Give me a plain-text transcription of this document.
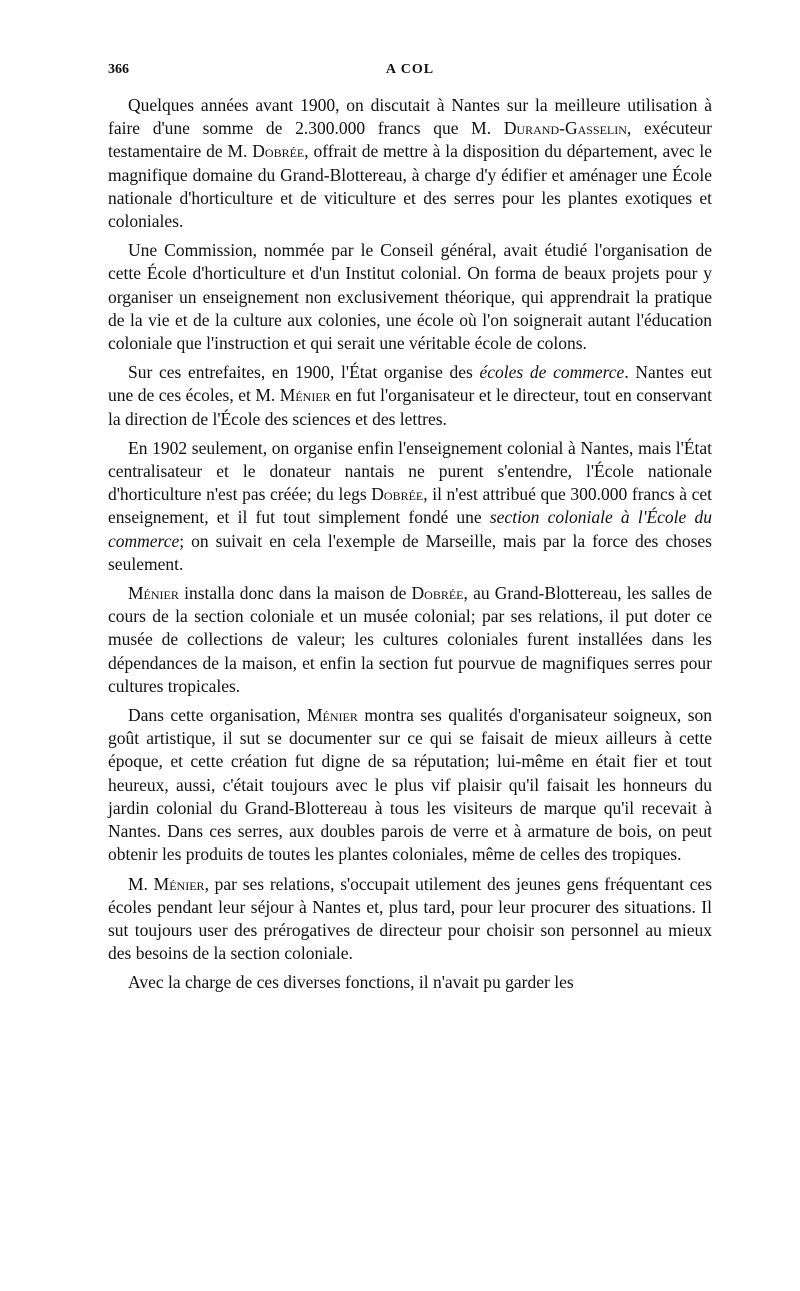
366	A COL

Quelques années avant 1900, on discutait à Nantes sur la meilleure utilisation à faire d'une somme de 2.300.000 francs que M. Durand-Gasselin, exécuteur testamentaire de M. Dobrée, offrait de mettre à la disposition du département, avec le magnifique domaine du Grand-Blottereau, à charge d'y édifier et aménager une École nationale d'horticulture et de viticulture et des serres pour les plantes exotiques et coloniales.

Une Commission, nommée par le Conseil général, avait étudié l'organisation de cette École d'horticulture et d'un Institut colonial. On forma de beaux projets pour y organiser un enseignement non exclusivement théorique, qui apprendrait la pratique de la vie et de la culture aux colonies, une école où l'on soignerait autant l'éducation coloniale que l'instruction et qui serait une véritable école de colons.

Sur ces entrefaites, en 1900, l'État organise des écoles de commerce. Nantes eut une de ces écoles, et M. Ménier en fut l'organisateur et le directeur, tout en conservant la direction de l'École des sciences et des lettres.

En 1902 seulement, on organise enfin l'enseignement colonial à Nantes, mais l'État centralisateur et le donateur nantais ne purent s'entendre, l'École nationale d'horticulture n'est pas créée; du legs Dobrée, il n'est attribué que 300.000 francs à cet enseignement, et il fut tout simplement fondé une section coloniale à l'École du commerce; on suivait en cela l'exemple de Marseille, mais par la force des choses seulement.

Ménier installa donc dans la maison de Dobrée, au Grand-Blottereau, les salles de cours de la section coloniale et un musée colonial; par ses relations, il put doter ce musée de collections de valeur; les cultures coloniales furent installées dans les dépendances de la maison, et enfin la section fut pourvue de magnifiques serres pour cultures tropicales.

Dans cette organisation, Ménier montra ses qualités d'organisateur soigneux, son goût artistique, il sut se documenter sur ce qui se faisait de mieux ailleurs à cette époque, et cette création fut digne de sa réputation; lui-même en était fier et tout heureux, aussi, c'était toujours avec le plus vif plaisir qu'il faisait les honneurs du jardin colonial du Grand-Blottereau à tous les visiteurs de marque qu'il recevait à Nantes. Dans ces serres, aux doubles parois de verre et à armature de bois, on peut obtenir les produits de toutes les plantes coloniales, même de celles des tropiques.

M. Ménier, par ses relations, s'occupait utilement des jeunes gens fréquentant ces écoles pendant leur séjour à Nantes et, plus tard, pour leur procurer des situations. Il sut toujours user des prérogatives de directeur pour choisir son personnel au mieux des besoins de la section coloniale.

Avec la charge de ces diverses fonctions, il n'avait pu garder les
